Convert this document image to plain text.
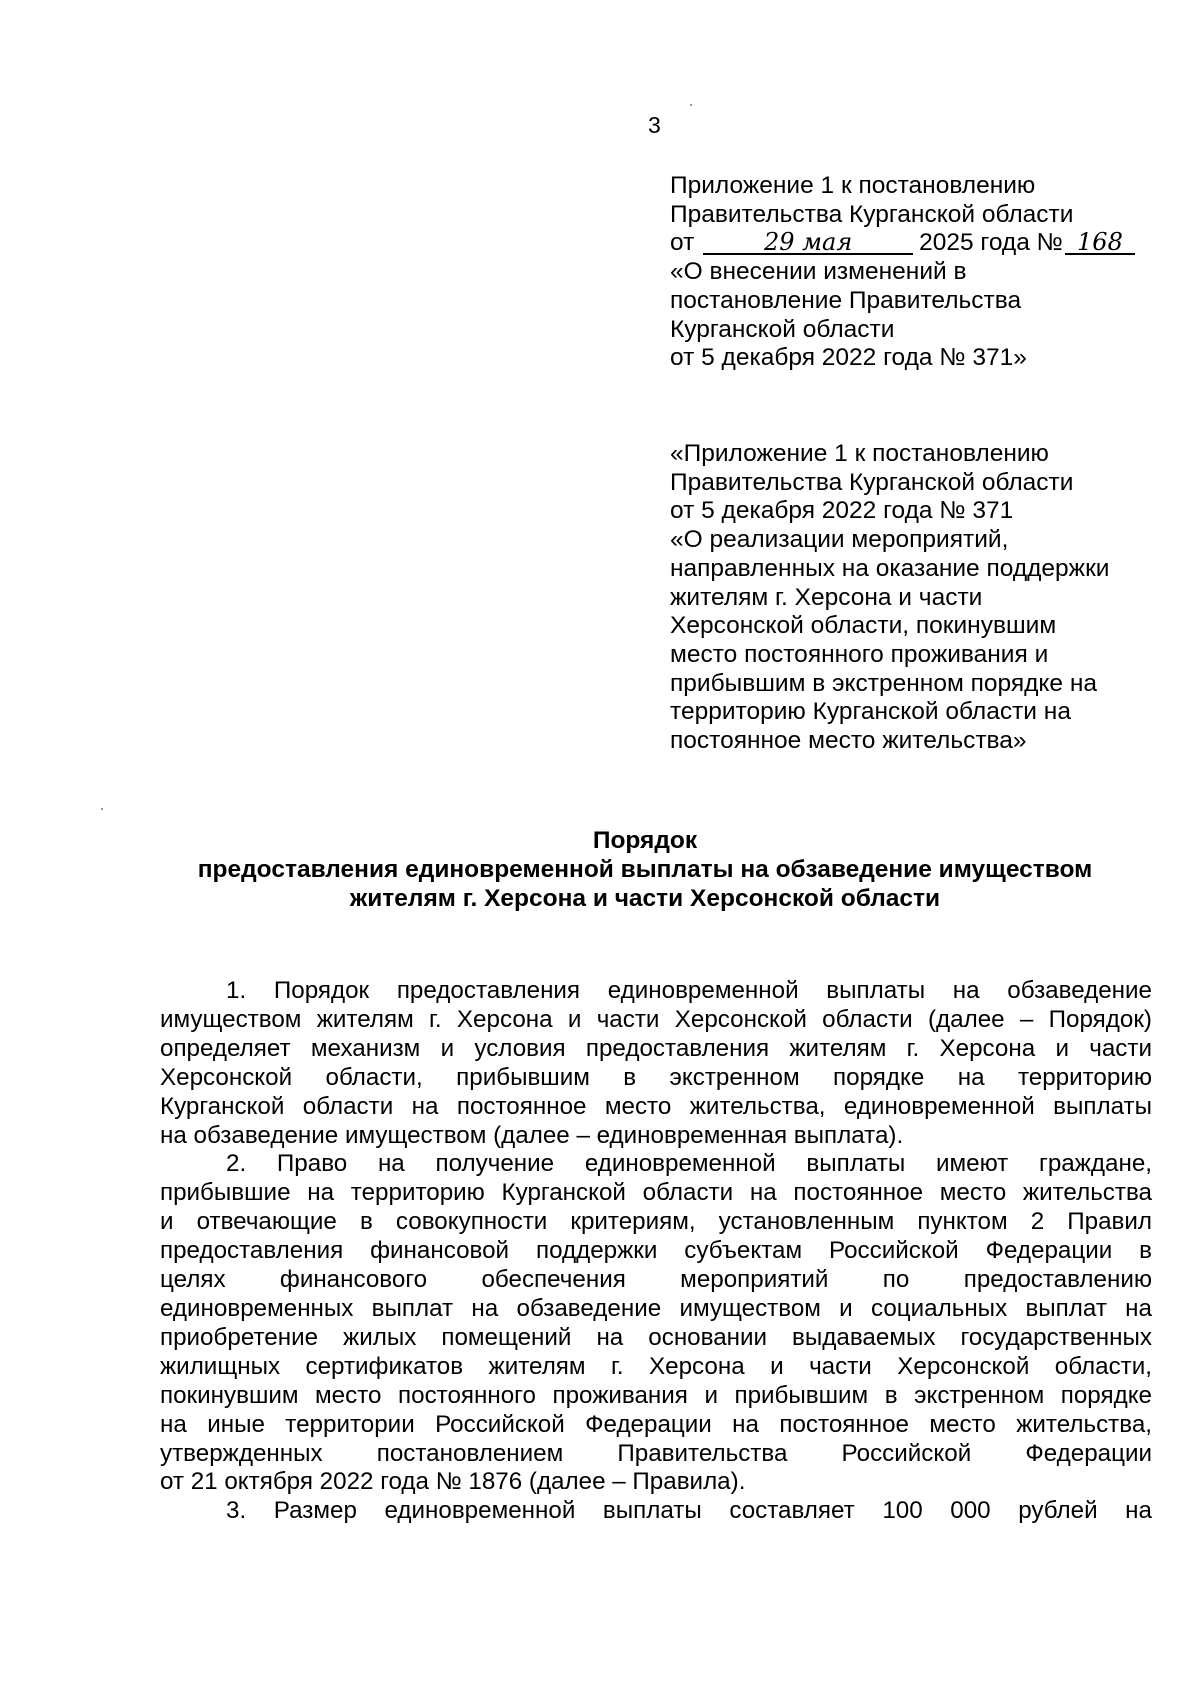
3
Приложение 1 к постановлению
Правительства Курганской области
от	29 мая	2025 года № 168
«О внесении изменений в
постановление Правительства
Курганской области
от 5 декабря 2022 года № 371»
«Приложение 1 к постановлению
Правительства Курганской области
от 5 декабря 2022 года № 371
«О реализации мероприятий,
направленных на оказание поддержки
жителям г. Херсона и части
Херсонской области, покинувшим
место постоянного проживания и
прибывшим в экстренном порядке на
территорию Курганской области на
постоянное место жительства»
Порядок
предоставления единовременной выплаты на обзаведение имуществом
жителям г. Херсона и части Херсонской области
1. Порядок предоставления единовременной выплаты на обзаведение
имуществом жителям г. Херсона и части Херсонской области (далее – Порядок)
определяет механизм и условия предоставления жителям г. Херсона и части
Херсонской области, прибывшим в экстренном порядке на территорию
Курганской области на постоянное место жительства, единовременной выплаты
на обзаведение имуществом (далее – единовременная выплата).
2. Право на получение единовременной выплаты имеют граждане,
прибывшие на территорию Курганской области на постоянное место жительства
и отвечающие в совокупности критериям, установленным пунктом 2 Правил
предоставления финансовой поддержки субъектам Российской Федерации в
целях финансового обеспечения мероприятий по предоставлению
единовременных выплат на обзаведение имуществом и социальных выплат на
приобретение жилых помещений на основании выдаваемых государственных
жилищных сертификатов жителям г. Херсона и части Херсонской области,
покинувшим место постоянного проживания и прибывшим в экстренном порядке
на иные территории Российской Федерации на постоянное место жительства,
утвержденных постановлением Правительства Российской Федерации
от 21 октября 2022 года № 1876 (далее – Правила).
3. Размер единовременной выплаты составляет 100 000 рублей на
